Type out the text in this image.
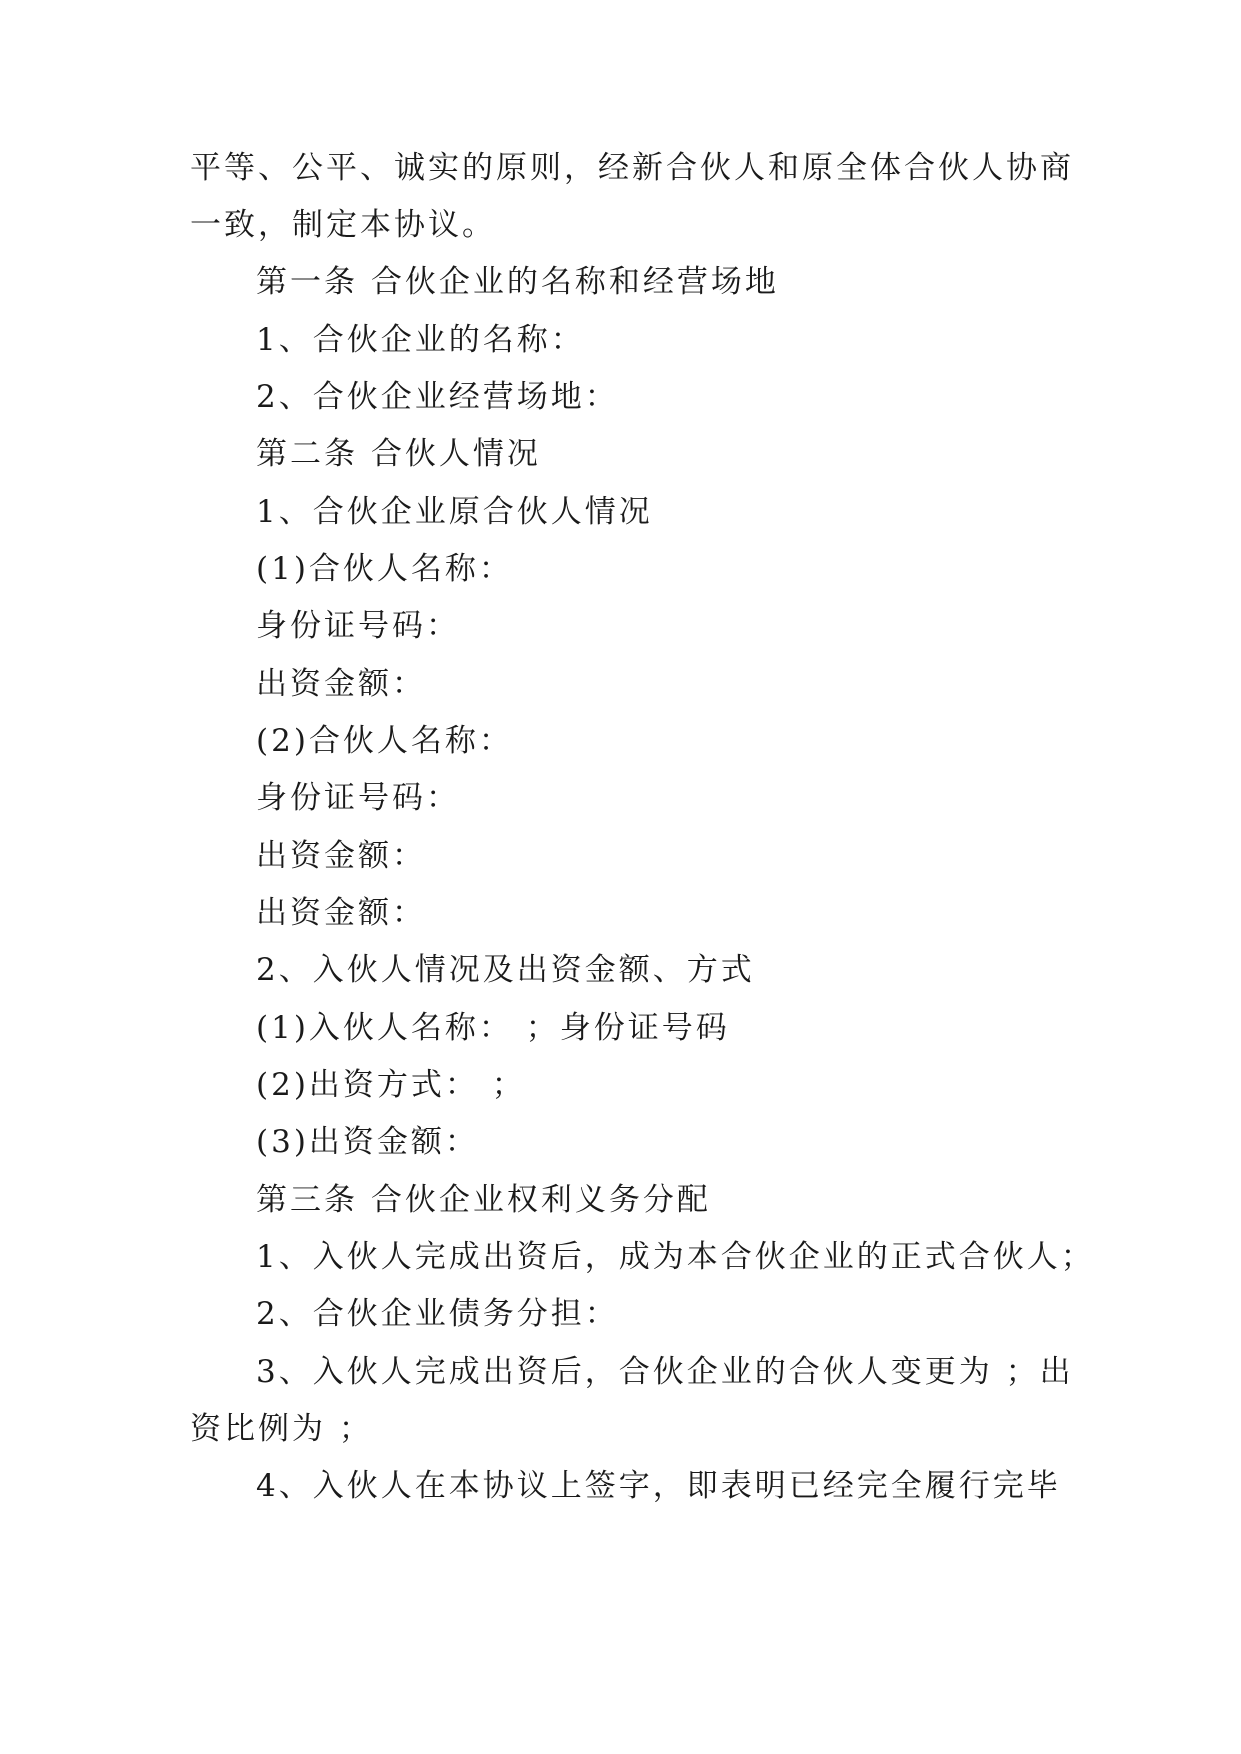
平等、公平、诚实的原则，经新合伙人和原全体合伙人协商
一致，制定本协议。
第一条 合伙企业的名称和经营场地
1、合伙企业的名称：
2、合伙企业经营场地：
第二条 合伙人情况
1、合伙企业原合伙人情况
(1)合伙人名称：
身份证号码：
出资金额：
(2)合伙人名称：
身份证号码：
出资金额：
出资金额：
2、入伙人情况及出资金额、方式
(1)入伙人名称： ；身份证号码
(2)出资方式： ；
(3)出资金额：
第三条 合伙企业权利义务分配
1、入伙人完成出资后，成为本合伙企业的正式合伙人；
2、合伙企业债务分担：
3、入伙人完成出资后，合伙企业的合伙人变更为 ；出
资比例为 ；
4、入伙人在本协议上签字，即表明已经完全履行完毕
